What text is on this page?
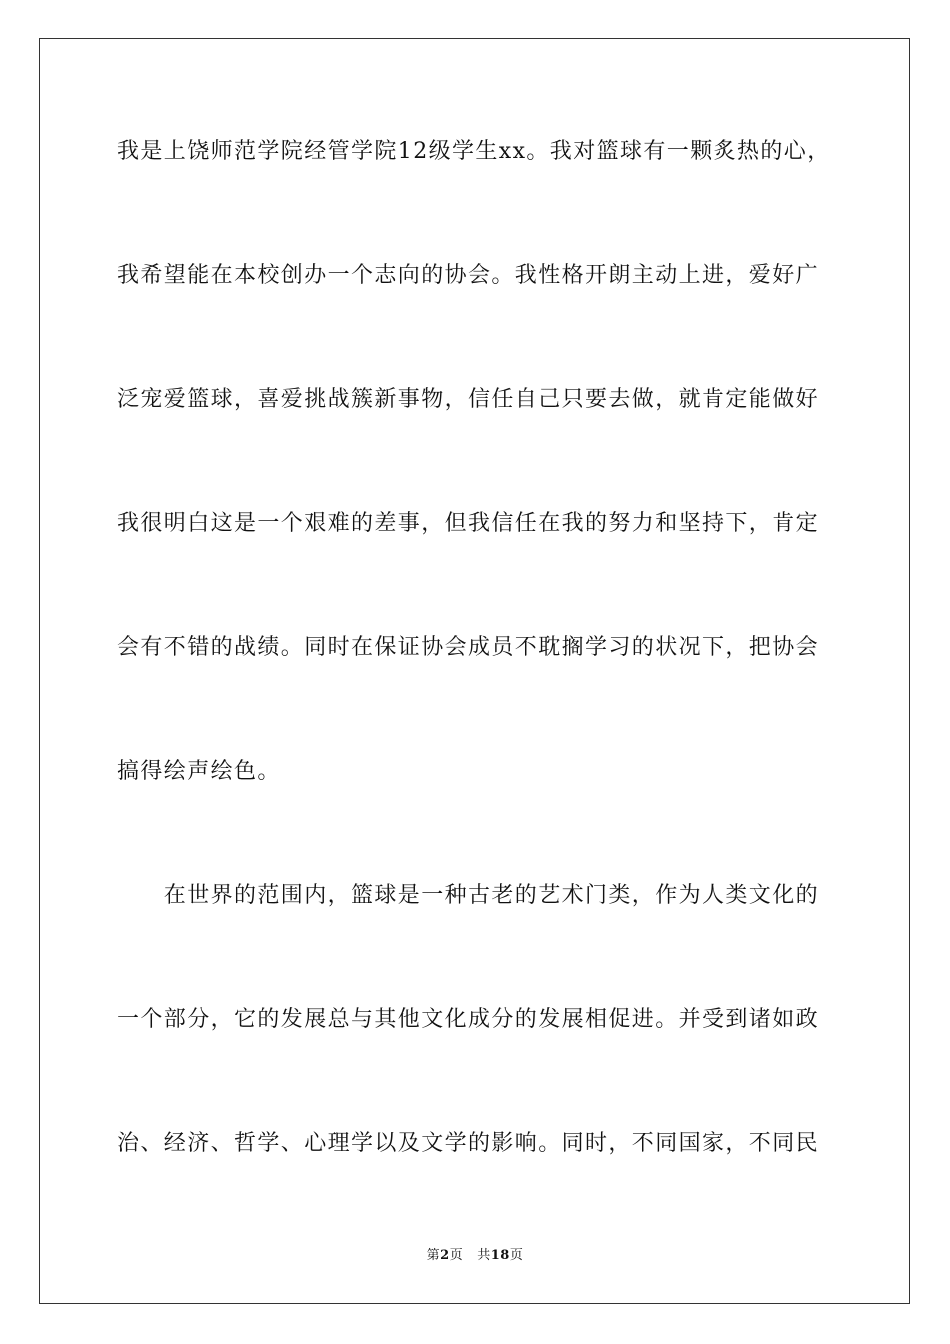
我是上饶师范学院经管学院12级学生xx。我对篮球有一颗炙热的心，
我希望能在本校创办一个志向的协会。我性格开朗主动上进，爱好广
泛宠爱篮球，喜爱挑战簇新事物，信任自己只要去做，就肯定能做好
我很明白这是一个艰难的差事，但我信任在我的努力和坚持下，肯定
会有不错的战绩。同时在保证协会成员不耽搁学习的状况下，把协会
搞得绘声绘色。
　　在世界的范围内，篮球是一种古老的艺术门类，作为人类文化的
一个部分，它的发展总与其他文化成分的发展相促进。并受到诸如政
治、经济、哲学、心理学以及文学的影响。同时，不同国家，不同民
第2页 共18页
